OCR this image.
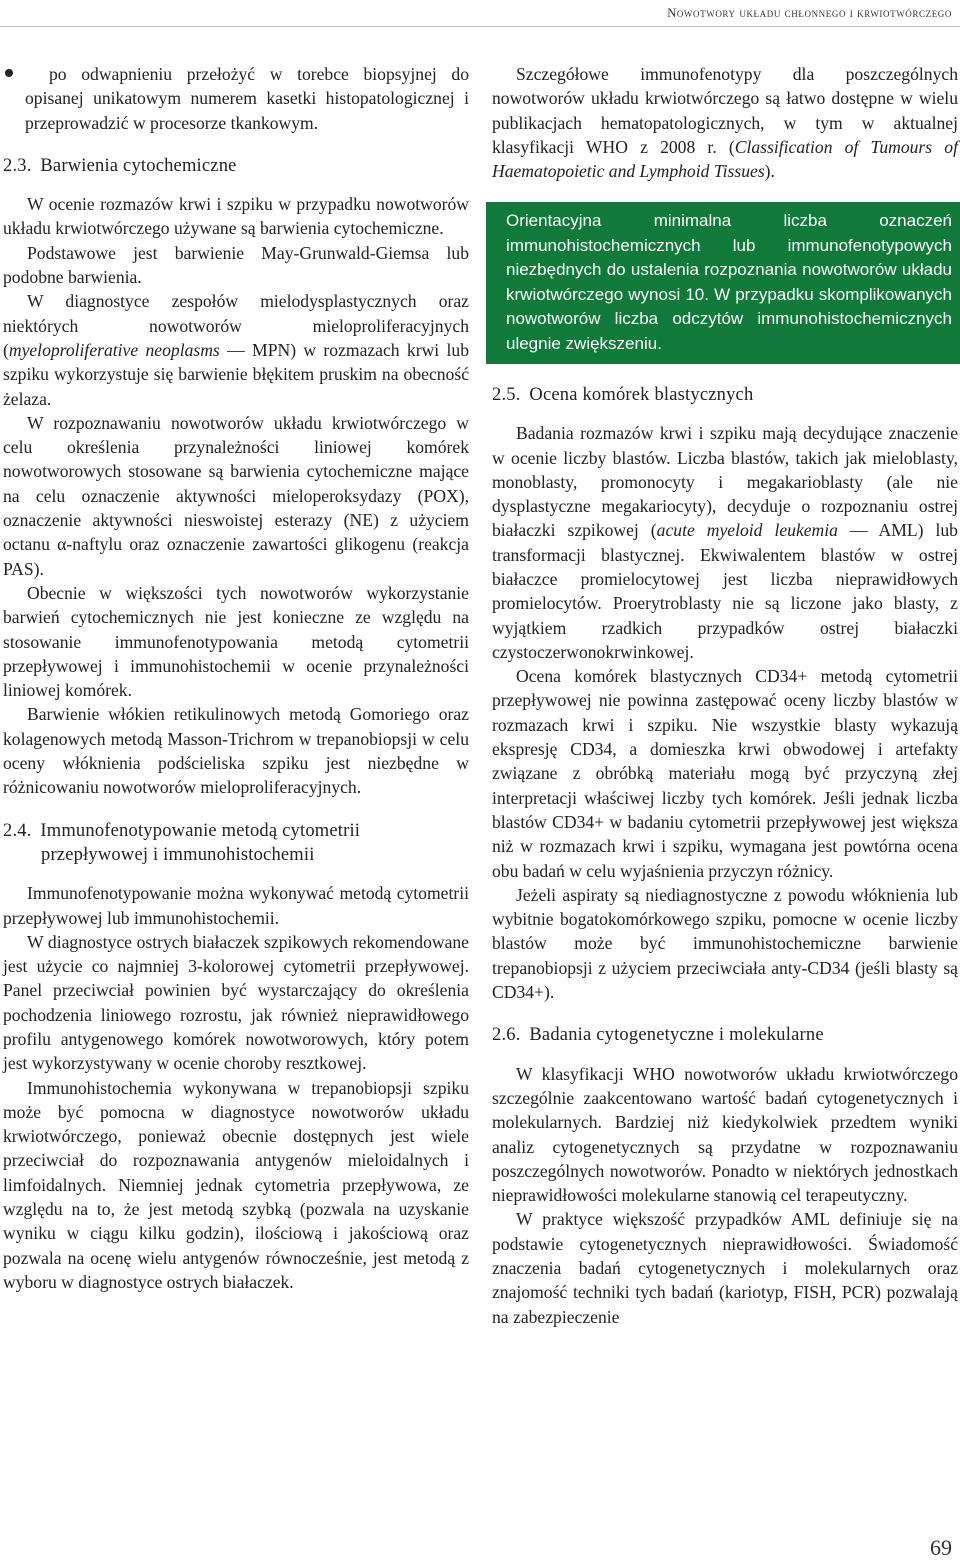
Nowotwory układu chłonnego i krwiotwórczego

po odwapnieniu przełożyć w torebce biopsyjnej do opisanej unikatowym numerem kasetki histopatologicznej i przeprowadzić w procesorze tkankowym.

2.3. Barwienia cytochemiczne

W ocenie rozmazów krwi i szpiku w przypadku nowotworów układu krwiotwórczego używane są barwienia cytochemiczne.

Podstawowe jest barwienie May-Grunwald-Giemsa lub podobne barwienia.

W diagnostyce zespołów mielodysplastycznych oraz niektórych nowotworów mieloproliferacyjnych (myeloproliferative neoplasms — MPN) w rozmazach krwi lub szpiku wykorzystuje się barwienie błękitem pruskim na obecność żelaza.

W rozpoznawaniu nowotworów układu krwiotwórczego w celu określenia przynależności liniowej komórek nowotworowych stosowane są barwienia cytochemiczne mające na celu oznaczenie aktywności mieloperoksydazy (POX), oznaczenie aktywności nieswoistej esterazy (NE) z użyciem octanu α-naftylu oraz oznaczenie zawartości glikogenu (reakcja PAS).

Obecnie w większości tych nowotworów wykorzystanie barwień cytochemicznych nie jest konieczne ze względu na stosowanie immunofenotypowania metodą cytometrii przepływowej i immunohistochemii w ocenie przynależności liniowej komórek.

Barwienie włókien retikulinowych metodą Gomoriego oraz kolagenowych metodą Masson-Trichrom w trepanobiopsji w celu oceny włóknienia podścieliska szpiku jest niezbędne w różnicowaniu nowotworów mieloproliferacyjnych.

2.4. Immunofenotypowanie metodą cytometrii przepływowej i immunohistochemii

Immunofenotypowanie można wykonywać metodą cytometrii przepływowej lub immunohistochemii.

W diagnostyce ostrych białaczek szpikowych rekomendowane jest użycie co najmniej 3-kolorowej cytometrii przepływowej. Panel przeciwciał powinien być wystarczający do określenia pochodzenia liniowego rozrostu, jak również nieprawidłowego profilu antygenowego komórek nowotworowych, który potem jest wykorzystywany w ocenie choroby resztkowej.

Immunohistochemia wykonywana w trepanobiopsji szpiku może być pomocna w diagnostyce nowotworów układu krwiotwórczego, ponieważ obecnie dostępnych jest wiele przeciwciał do rozpoznawania antygenów mieloidalnych i limfoidalnych. Niemniej jednak cytometria przepływowa, ze względu na to, że jest metodą szybką (pozwala na uzyskanie wyniku w ciągu kilku godzin), ilościową i jakościową oraz pozwala na ocenę wielu antygenów równocześnie, jest metodą z wyboru w diagnostyce ostrych białaczek.

Szczegółowe immunofenotypy dla poszczególnych nowotworów układu krwiotwórczego są łatwo dostępne w wielu publikacjach hematopatologicznych, w tym w aktualnej klasyfikacji WHO z 2008 r. (Classification of Tumours of Haematopoietic and Lymphoid Tissues).

Orientacyjna minimalna liczba oznaczeń immunohistochemicznych lub immunofenotypowych niezbędnych do ustalenia rozpoznania nowotworów układu krwiotwórczego wynosi 10. W przypadku skomplikowanych nowotworów liczba odczytów immunohistochemicznych ulegnie zwiększeniu.
2.5. Ocena komórek blastycznych

Badania rozmazów krwi i szpiku mają decydujące znaczenie w ocenie liczby blastów. Liczba blastów, takich jak mieloblasty, monoblasty, promonocyty i megakarioblasty (ale nie dysplastyczne megakariocyty), decyduje o rozpoznaniu ostrej białaczki szpikowej (acute myeloid leukemia — AML) lub transformacji blastycznej. Ekwiwalentem blastów w ostrej białaczce promielocytowej jest liczba nieprawidłowych promielocytów. Proerytroblasty nie są liczone jako blasty, z wyjątkiem rzadkich przypadków ostrej białaczki czystoczerwonokrwinkowej.

Ocena komórek blastycznych CD34+ metodą cytometrii przepływowej nie powinna zastępować oceny liczby blastów w rozmazach krwi i szpiku. Nie wszystkie blasty wykazują ekspresję CD34, a domieszka krwi obwodowej i artefakty związane z obróbką materiału mogą być przyczyną złej interpretacji właściwej liczby tych komórek. Jeśli jednak liczba blastów CD34+ w badaniu cytometrii przepływowej jest większa niż w rozmazach krwi i szpiku, wymagana jest powtórna ocena obu badań w celu wyjaśnienia przyczyn różnicy.

Jeżeli aspiraty są niediagnostyczne z powodu włóknienia lub wybitnie bogatokomórkowego szpiku, pomocne w ocenie liczby blastów może być immunohistochemiczne barwienie trepanobiopsji z użyciem przeciwciała anty-CD34 (jeśli blasty są CD34+).

2.6. Badania cytogenetyczne i molekularne

W klasyfikacji WHO nowotworów układu krwiotwórczego szczególnie zaakcentowano wartość badań cytogenetycznych i molekularnych. Bardziej niż kiedykolwiek przedtem wyniki analiz cytogenetycznych są przydatne w rozpoznawaniu poszczególnych nowotworów. Ponadto w niektórych jednostkach nieprawidłowości molekularne stanowią cel terapeutyczny.

W praktyce większość przypadków AML definiuje się na podstawie cytogenetycznych nieprawidłowości. Świadomość znaczenia badań cytogenetycznych i molekularnych oraz znajomość techniki tych badań (kariotyp, FISH, PCR) pozwalają na zabezpieczenie

69
